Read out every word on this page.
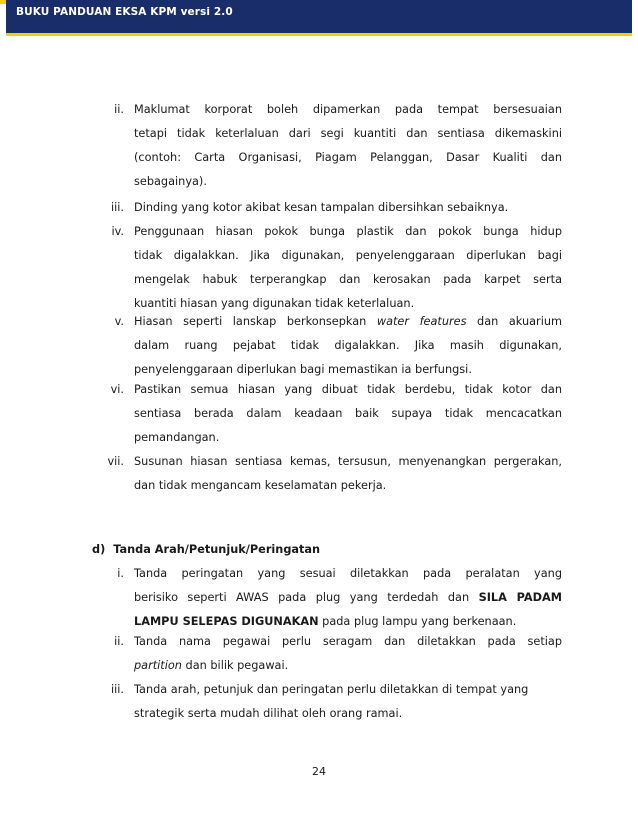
BUKU PANDUAN EKSA KPM versi 2.0
ii. Maklumat korporat boleh dipamerkan pada tempat bersesuaian
tetapi tidak keterlaluan dari segi kuantiti dan sentiasa dikemaskini
(contoh: Carta Organisasi, Piagam Pelanggan, Dasar Kualiti dan
sebagainya).
iii. Dinding yang kotor akibat kesan tampalan dibersihkan sebaiknya.
iv. Penggunaan hiasan pokok bunga plastik dan pokok bunga hidup
tidak digalakkan. Jika digunakan, penyelenggaraan diperlukan bagi
mengelak habuk terperangkap dan kerosakan pada karpet serta
kuantiti hiasan yang digunakan tidak keterlaluan.
v. Hiasan seperti lanskap berkonsepkan water features dan akuarium
dalam ruang pejabat tidak digalakkan. Jika masih digunakan,
penyelenggaraan diperlukan bagi memastikan ia berfungsi.
vi. Pastikan semua hiasan yang dibuat tidak berdebu, tidak kotor dan
sentiasa berada dalam keadaan baik supaya tidak mencacatkan
pemandangan.
vii. Susunan hiasan sentiasa kemas, tersusun, menyenangkan pergerakan,
dan tidak mengancam keselamatan pekerja.
d) Tanda Arah/Petunjuk/Peringatan
i. Tanda peringatan yang sesuai diletakkan pada peralatan yang
berisiko seperti AWAS pada plug yang terdedah dan SILA PADAM
LAMPU SELEPAS DIGUNAKAN pada plug lampu yang berkenaan.
ii. Tanda nama pegawai perlu seragam dan diletakkan pada setiap
partition dan bilik pegawai.
iii. Tanda arah, petunjuk dan peringatan perlu diletakkan di tempat yang
strategik serta mudah dilihat oleh orang ramai.
24
